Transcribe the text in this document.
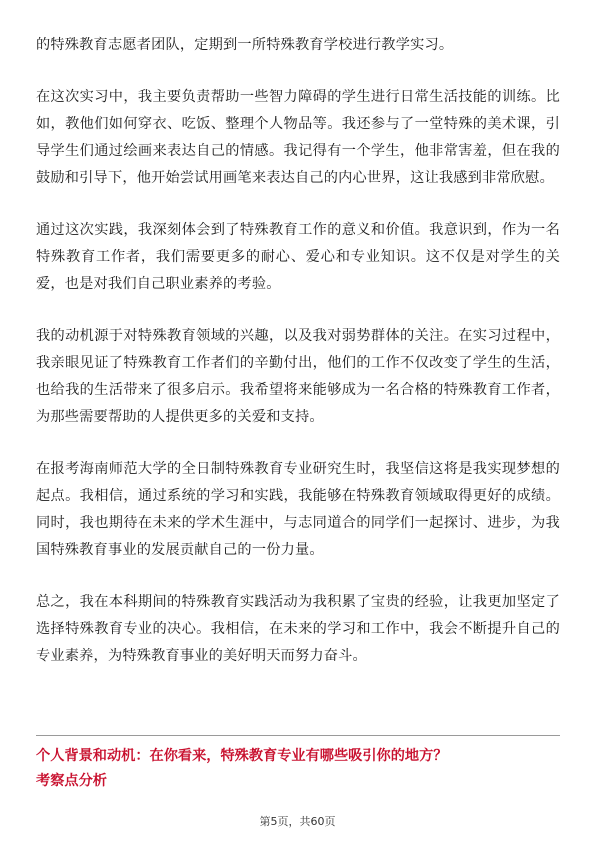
的特殊教育志愿者团队，定期到一所特殊教育学校进行教学实习。

在这次实习中，我主要负责帮助一些智力障碍的学生进行日常生活技能的训练。比如，教他们如何穿衣、吃饭、整理个人物品等。我还参与了一堂特殊的美术课，引导学生们通过绘画来表达自己的情感。我记得有一个学生，他非常害羞，但在我的鼓励和引导下，他开始尝试用画笔来表达自己的内心世界，这让我感到非常欣慰。

通过这次实践，我深刻体会到了特殊教育工作的意义和价值。我意识到，作为一名特殊教育工作者，我们需要更多的耐心、爱心和专业知识。这不仅是对学生的关爱，也是对我们自己职业素养的考验。

我的动机源于对特殊教育领域的兴趣，以及我对弱势群体的关注。在实习过程中，我亲眼见证了特殊教育工作者们的辛勤付出，他们的工作不仅改变了学生的生活，也给我的生活带来了很多启示。我希望将来能够成为一名合格的特殊教育工作者，为那些需要帮助的人提供更多的关爱和支持。

在报考海南师范大学的全日制特殊教育专业研究生时，我坚信这将是我实现梦想的起点。我相信，通过系统的学习和实践，我能够在特殊教育领域取得更好的成绩。同时，我也期待在未来的学术生涯中，与志同道合的同学们一起探讨、进步，为我国特殊教育事业的发展贡献自己的一份力量。

总之，我在本科期间的特殊教育实践活动为我积累了宝贵的经验，让我更加坚定了选择特殊教育专业的决心。我相信，在未来的学习和工作中，我会不断提升自己的专业素养，为特殊教育事业的美好明天而努力奋斗。

个人背景和动机：在你看来，特殊教育专业有哪些吸引你的地方？
考察点分析
第5页，共60页
